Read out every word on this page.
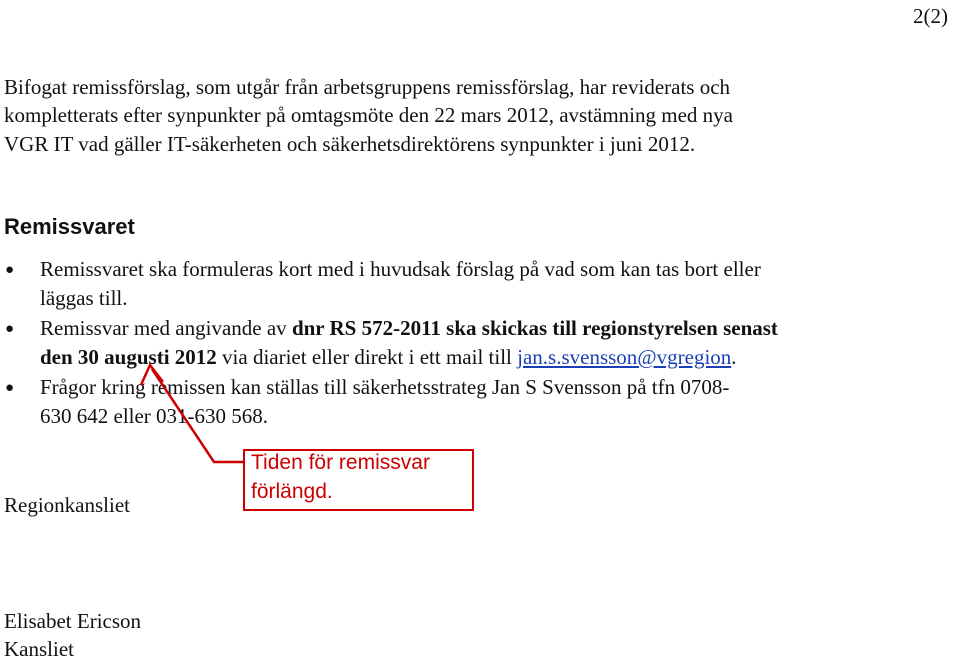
2(2)
Bifogat remissförslag, som utgår från arbetsgruppens remissförslag, har reviderats och
kompletterats efter synpunkter på omtagsmöte den 22 mars 2012, avstämning med nya
VGR IT vad gäller IT-säkerheten och säkerhetsdirektörens synpunkter i juni 2012.
Remissvaret
● Remissvaret ska formuleras kort med i huvudsak förslag på vad som kan tas bort eller
läggas till.
● Remissvar med angivande av dnr RS 572-2011 ska skickas till regionstyrelsen senast
den 30 augusti 2012 via diariet eller direkt i ett mail till jan.s.svensson@vgregion.
● Frågor kring remissen kan ställas till säkerhetsstrateg Jan S Svensson på tfn 0708-
630 642 eller 031-630 568.
Tiden för remissvar
förlängd.
Regionkansliet
Elisabet Ericson
Kansliet
